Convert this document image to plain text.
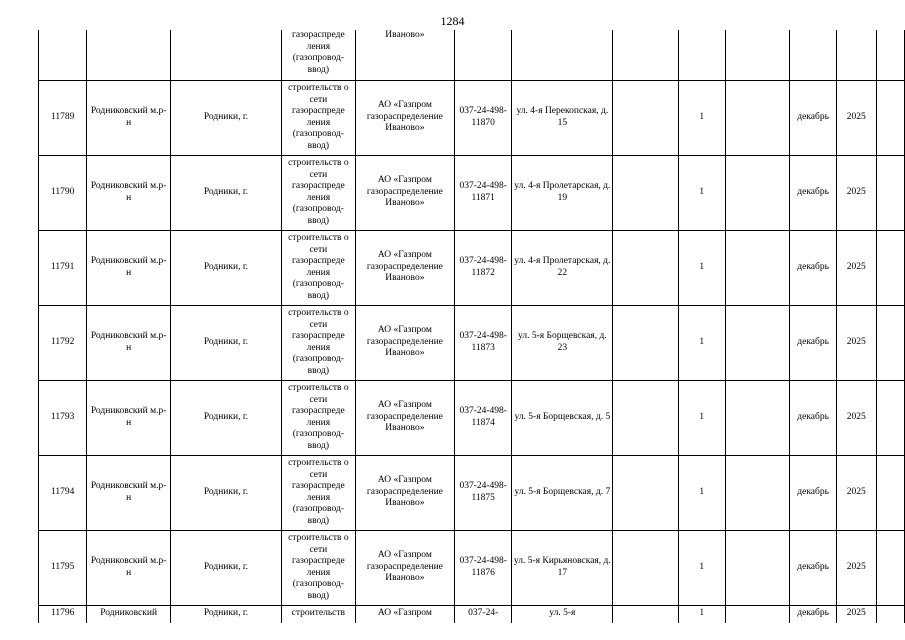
1284
			газораспреде ления (газопровод-ввод)	Иваново»								
11789	Родниковский м.р-н	Родники, г.	строительств о сети газораспреде ления (газопровод-ввод)	АО «Газпром газораспределение Иваново»	037-24-498-11870	ул. 4-я Перекопская, д. 15		1		декабрь	2025	
11790	Родниковский м.р-н	Родники, г.	строительств о сети газораспреде ления (газопровод-ввод)	АО «Газпром газораспределение Иваново»	037-24-498-11871	ул. 4-я Пролетарская, д. 19		1		декабрь	2025	
11791	Родниковский м.р-н	Родники, г.	строительств о сети газораспреде ления (газопровод-ввод)	АО «Газпром газораспределение Иваново»	037-24-498-11872	ул. 4-я Пролетарская, д. 22		1		декабрь	2025	
11792	Родниковский м.р-н	Родники, г.	строительств о сети газораспреде ления (газопровод-ввод)	АО «Газпром газораспределение Иваново»	037-24-498-11873	ул. 5-я Борщевская, д. 23		1		декабрь	2025	
11793	Родниковский м.р-н	Родники, г.	строительств о сети газораспреде ления (газопровод-ввод)	АО «Газпром газораспределение Иваново»	037-24-498-11874	ул. 5-я Борщевская, д. 5		1		декабрь	2025	
11794	Родниковский м.р-н	Родники, г.	строительств о сети газораспреде ления (газопровод-ввод)	АО «Газпром газораспределение Иваново»	037-24-498-11875	ул. 5-я Борщевская, д. 7		1		декабрь	2025	
11795	Родниковский м.р-н	Родники, г.	строительств о сети газораспреде ления (газопровод-ввод)	АО «Газпром газораспределение Иваново»	037-24-498-11876	ул. 5-я Кирьяновская, д. 17		1		декабрь	2025	
11796	Родниковский	Родники, г.	строительств	АО «Газпром	037-24-	ул. 5-я		1		декабрь	2025	
